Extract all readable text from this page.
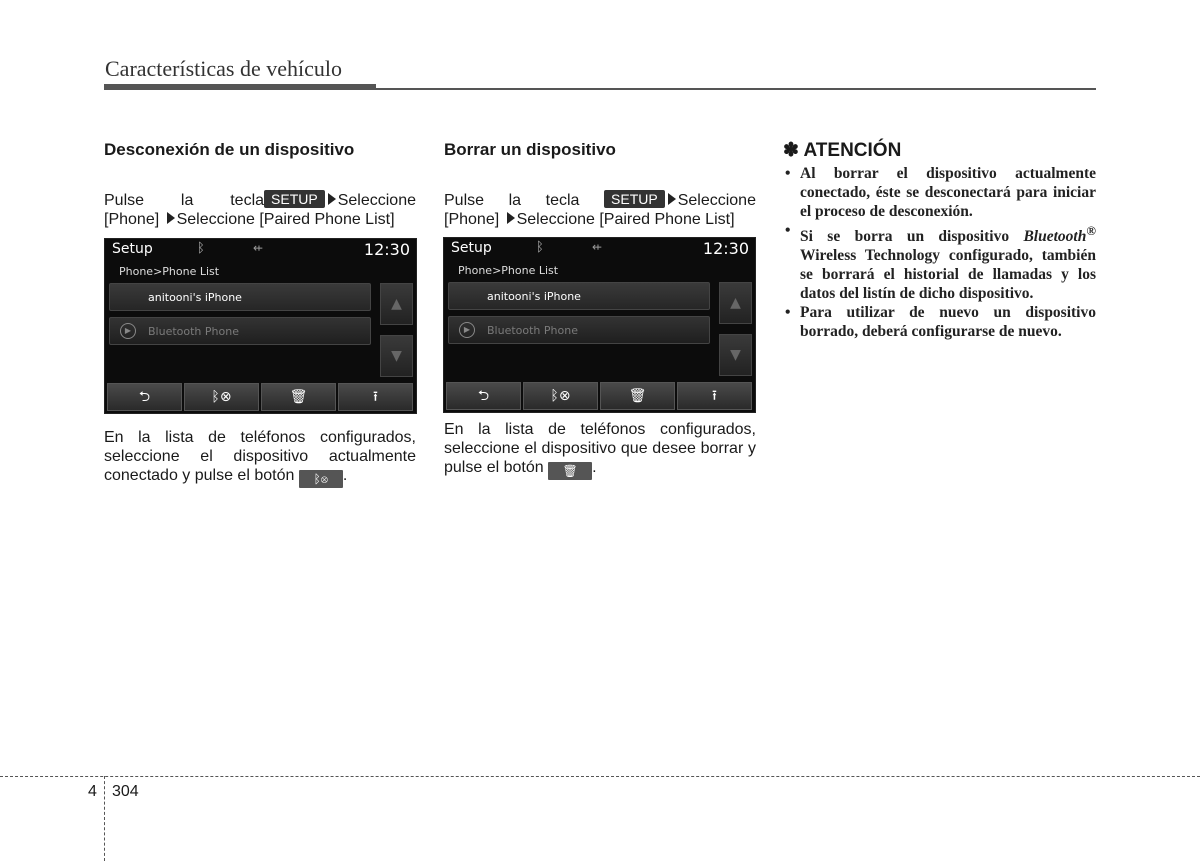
Características de vehículo
Desconexión de un dispositivo
Pulse la tecla SETUP Seleccione
[Phone] Seleccione [Paired Phone List]
Setup	ᛒ	⇷	12:30
Phone>Phone List
anitooni's iPhone
▶	Bluetooth Phone
▲
▼
⮌	ᛒ⊗	🗑	⭱
En la lista de teléfonos configurados, seleccione el dispositivo actualmente conectado y pulse el botón ᛒ⊗ .
Borrar un dispositivo
Pulse la tecla	SETUP Seleccione
[Phone] Seleccione [Paired Phone List]
Setup	ᛒ	⇷	12:30
Phone>Phone List
anitooni's iPhone
▶	Bluetooth Phone
▲
▼
⮌	ᛒ⊗	🗑	⭱
En la lista de teléfonos configurados, seleccione el dispositivo que desee borrar y pulse el botón 🗑 .
✽ ATENCIÓN
• Al borrar el dispositivo actualmente conectado, éste se desconectará para iniciar el proceso de desconexión.
• Si se borra un dispositivo Bluetooth® Wireless Technology configurado, también se borrará el historial de llamadas y los datos del listín de dicho dispositivo.
• Para utilizar de nuevo un dispositivo borrado, deberá configurarse de nuevo.
4 304
